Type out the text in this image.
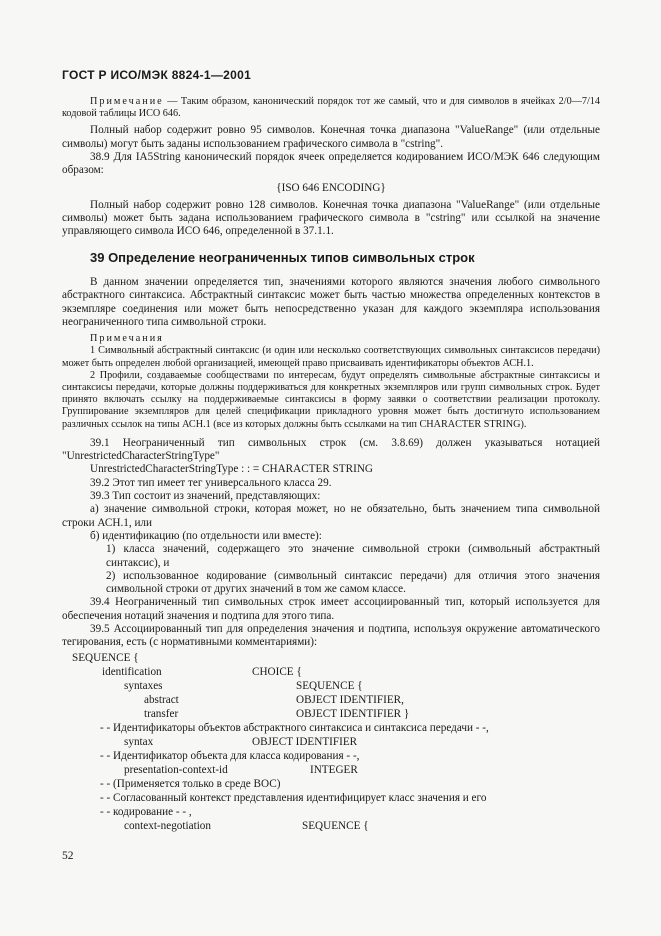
ГОСТ Р ИСО/МЭК 8824-1—2001

Примечание — Таким образом, канонический порядок тот же самый, что и для символов в ячейках 2/0—7/14 кодовой таблицы ИСО 646.

Полный набор содержит ровно 95 символов. Конечная точка диапазона "ValueRange" (или отдельные символы) могут быть заданы использованием графического символа в "cstring".

38.9 Для IA5String канонический порядок ячеек определяется кодированием ИСО/МЭК 646 следующим образом:

{ISO 646 ENCODING}

Полный набор содержит ровно 128 символов. Конечная точка диапазона "ValueRange" (или отдельные символы) может быть задана использованием графического символа в "cstring" или ссылкой на значение управляющего символа ИСО 646, определенной в 37.1.1.

39 Определение неограниченных типов символьных строк

В данном значении определяется тип, значениями которого являются значения любого символьного абстрактного синтаксиса. Абстрактный синтаксис может быть частью множества определенных контекстов в экземпляре соединения или может быть непосредственно указан для каждого экземпляра использования неограниченного типа символьной строки.

Примечания

1 Символьный абстрактный синтаксис (и один или несколько соответствующих символьных синтаксисов передачи) может быть определен любой организацией, имеющей право присваивать идентификаторы объектов АСН.1.

2 Профили, создаваемые сообществами по интересам, будут определять символьные абстрактные синтаксисы и синтаксисы передачи, которые должны поддерживаться для конкретных экземпляров или групп символьных строк. Будет принято включать ссылку на поддерживаемые синтаксисы в форму заявки о соответствии реализации протоколу. Группирование экземпляров для целей спецификации прикладного уровня может быть достигнуто использованием различных ссылок на типы АСН.1 (все из которых должны быть ссылками на тип CHARACTER STRING).

39.1 Неограниченный тип символьных строк (см. 3.8.69) должен указываться нотацией "UnrestrictedCharacterStringType"

UnrestrictedCharacterStringType : : = CHARACTER STRING

39.2 Этот тип имеет тег универсального класса 29.

39.3 Тип состоит из значений, представляющих:

а) значение символьной строки, которая может, но не обязательно, быть значением типа символьной строки АСН.1, или

б) идентификацию (по отдельности или вместе):

1) класса значений, содержащего это значение символьной строки (символьный абстрактный синтаксис), и

2) использованное кодирование (символьный синтаксис передачи) для отличия этого значения символьной строки от других значений в том же самом классе.

39.4 Неограниченный тип символьных строк имеет ассоциированный тип, который используется для обеспечения нотаций значения и подтипа для этого типа.

39.5 Ассоциированный тип для определения значения и подтипа, используя окружение автоматического тегирования, есть (с нормативными комментариями):

SEQUENCE {
identification	CHOICE {
syntaxes	SEQUENCE {
abstract	OBJECT IDENTIFIER,
transfer	OBJECT IDENTIFIER }
- - Идентификаторы объектов абстрактного синтаксиса и синтаксиса передачи - -,
syntax	OBJECT IDENTIFIER
- - Идентификатор объекта для класса кодирования - -,
presentation-context-id	INTEGER
- - (Применяется только в среде ВОС)
- - Согласованный контекст представления идентифицирует класс значения и его
- - кодирование - - ,
context-negotiation	SEQUENCE {
52
